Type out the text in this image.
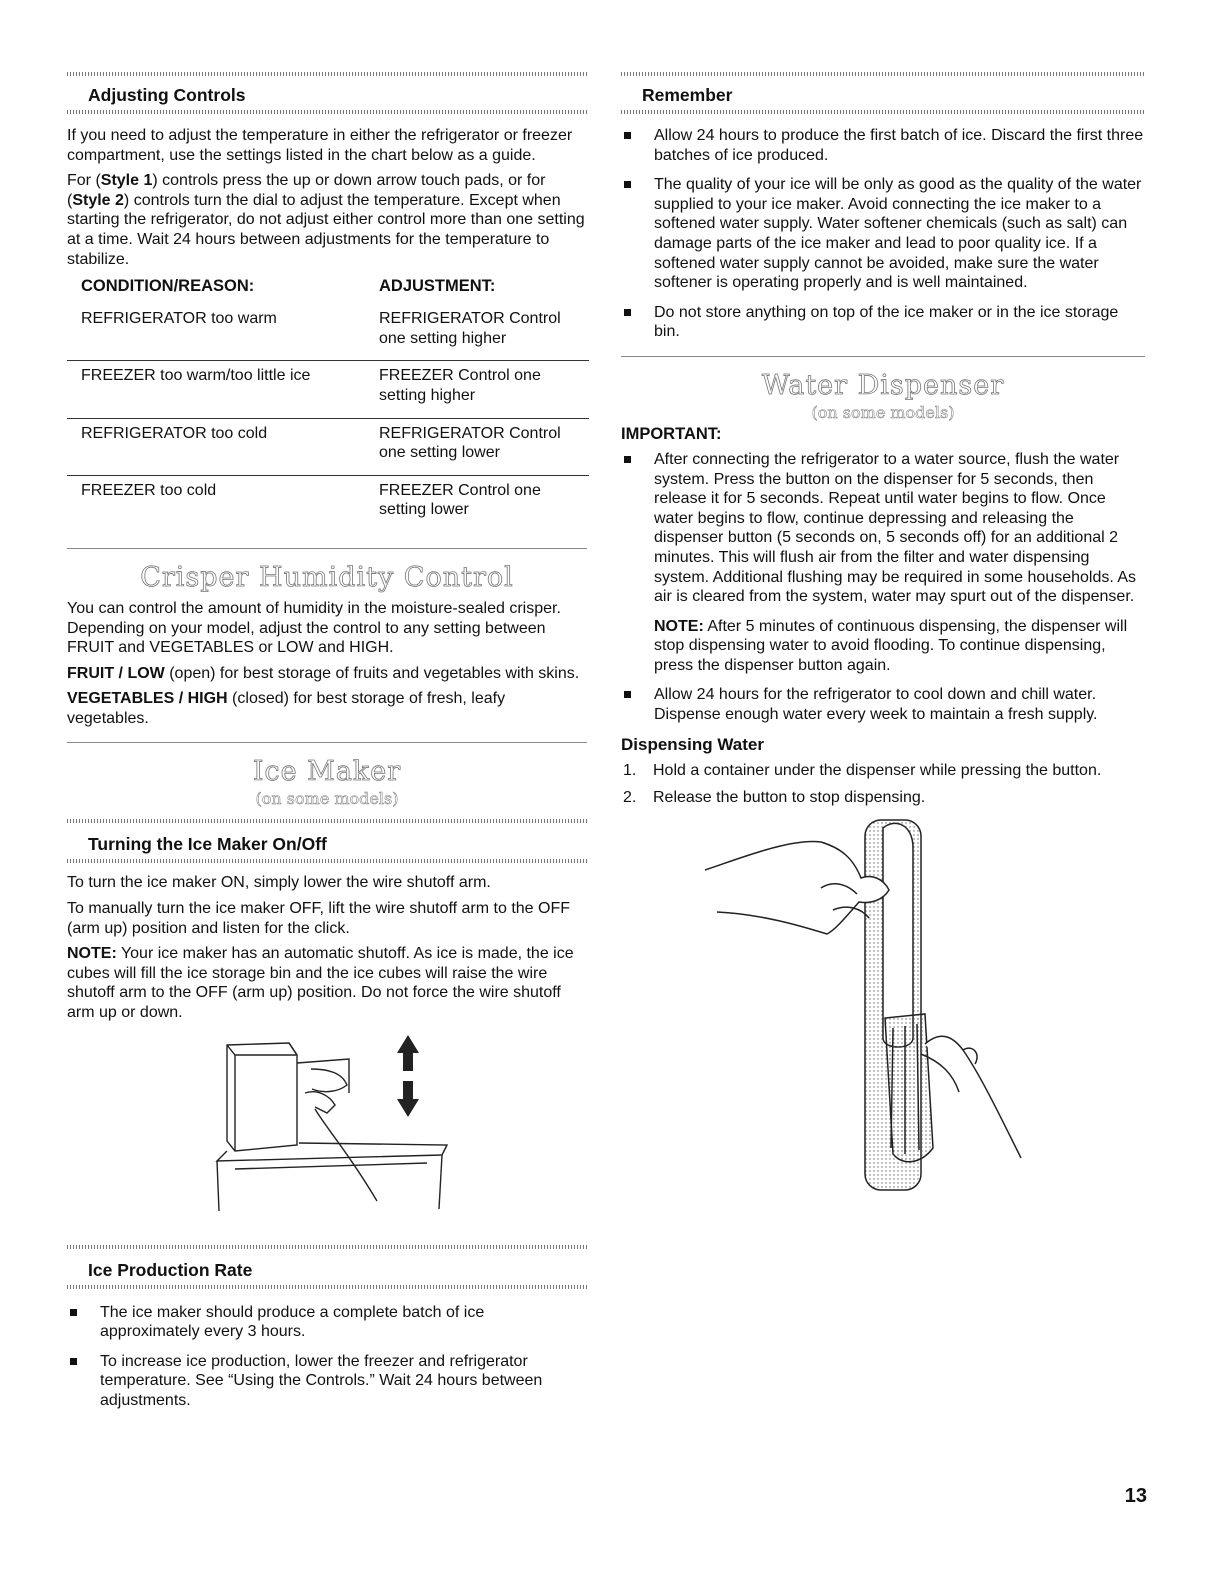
Adjusting Controls

If you need to adjust the temperature in either the refrigerator or freezer compartment, use the settings listed in the chart below as a guide.

For (Style 1) controls press the up or down arrow touch pads, or for (Style 2) controls turn the dial to adjust the temperature. Except when starting the refrigerator, do not adjust either control more than one setting at a time. Wait 24 hours between adjustments for the temperature to stabilize.

CONDITION/REASON:	ADJUSTMENT:
REFRIGERATOR too warm	REFRIGERATOR Control one setting higher
FREEZER too warm/too little ice	FREEZER Control one setting higher
REFRIGERATOR too cold	REFRIGERATOR Control one setting lower
FREEZER too cold	FREEZER Control one setting lower
Crisper Humidity Control

You can control the amount of humidity in the moisture-sealed crisper. Depending on your model, adjust the control to any setting between FRUIT and VEGETABLES or LOW and HIGH.

FRUIT / LOW (open) for best storage of fruits and vegetables with skins.

VEGETABLES / HIGH (closed) for best storage of fresh, leafy vegetables.

Ice Maker
(on some models)
Turning the Ice Maker On/Off

To turn the ice maker ON, simply lower the wire shutoff arm.

To manually turn the ice maker OFF, lift the wire shutoff arm to the OFF (arm up) position and listen for the click.

NOTE: Your ice maker has an automatic shutoff. As ice is made, the ice cubes will fill the ice storage bin and the ice cubes will raise the wire shutoff arm to the OFF (arm up) position. Do not force the wire shutoff arm up or down.

Ice Production Rate
The ice maker should produce a complete batch of ice approximately every 3 hours.
To increase ice production, lower the freezer and refrigerator temperature. See “Using the Controls.” Wait 24 hours between adjustments.
Remember
Allow 24 hours to produce the first batch of ice. Discard the first three batches of ice produced.
The quality of your ice will be only as good as the quality of the water supplied to your ice maker. Avoid connecting the ice maker to a softened water supply. Water softener chemicals (such as salt) can damage parts of the ice maker and lead to poor quality ice. If a softened water supply cannot be avoided, make sure the water softener is operating properly and is well maintained.
Do not store anything on top of the ice maker or in the ice storage bin.
Water Dispenser
(on some models)
IMPORTANT:
After connecting the refrigerator to a water source, flush the water system. Press the button on the dispenser for 5 seconds, then release it for 5 seconds. Repeat until water begins to flow. Once water begins to flow, continue depressing and releasing the dispenser button (5 seconds on, 5 seconds off) for an additional 2 minutes. This will flush air from the filter and water dispensing system. Additional flushing may be required in some households. As air is cleared from the system, water may spurt out of the dispenser.
NOTE: After 5 minutes of continuous dispensing, the dispenser will stop dispensing water to avoid flooding. To continue dispensing, press the dispenser button again.
Allow 24 hours for the refrigerator to cool down and chill water. Dispense enough water every week to maintain a fresh supply.
Dispensing Water
1. Hold a container under the dispenser while pressing the button.
2. Release the button to stop dispensing.
13
